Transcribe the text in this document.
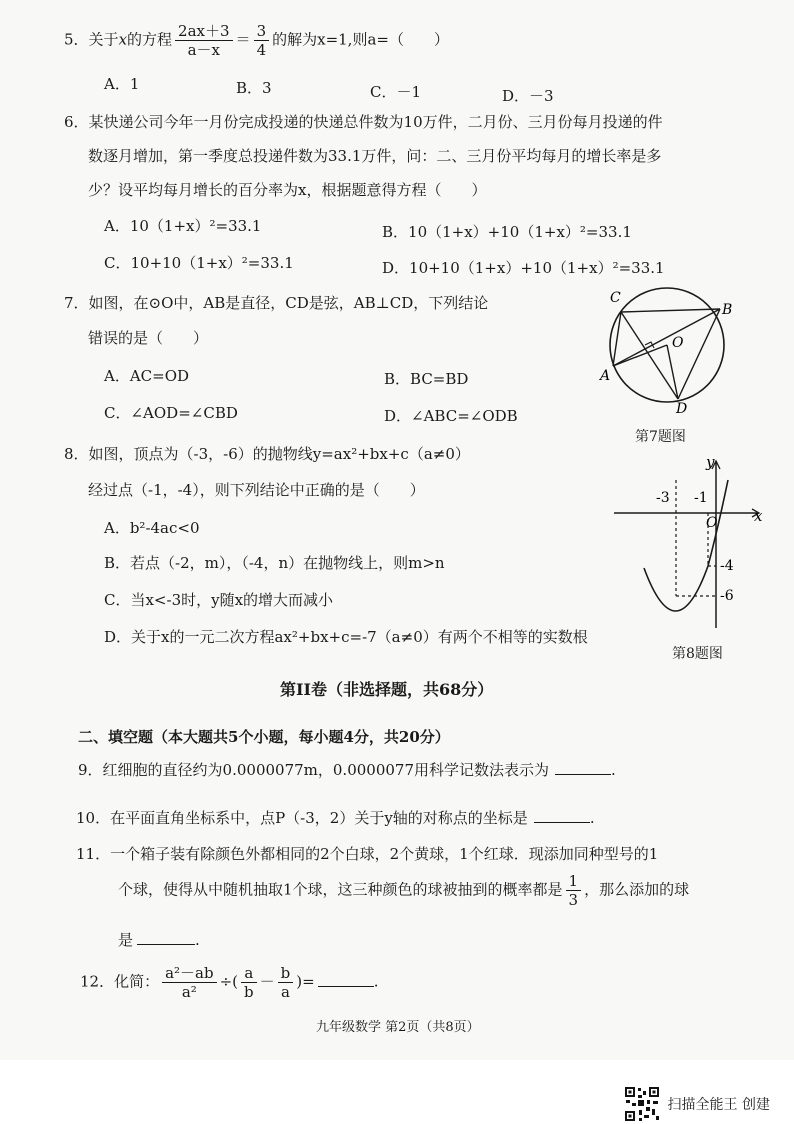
5．关于x的方程 $\frac{2ax+3}{a-x} = \frac{3}{4}$ 的解为x=1,则a=（　　）
A．1	B．3	C．－1	D．－3
6．某快递公司今年一月份完成投递的快递总件数为10万件，二月份、三月份每月投递的件
数逐月增加，第一季度总投递件数为33.1万件，问：二、三月份平均每月的增长率是多
少？设平均每月增长的百分率为x，根据题意得方程（　　）
A．10（1+x）²=33.1	B．10（1+x）+10（1+x）²=33.1
C．10+10（1+x）²=33.1	D．10+10（1+x）+10（1+x）²=33.1
7．如图，在⊙O中，AB是直径，CD是弦，AB⊥CD，下列结论
错误的是（　　）
A．AC=OD	B．BC=BD
C．∠AOD=∠CBD	D．∠ABC=∠ODB
C
B
O
A
D
第7题图
8．如图，顶点为（-3，-6）的抛物线y=ax²+bx+c（a≠0）
经过点（-1，-4），则下列结论中正确的是（　　）
A．b²-4ac<0
B．若点（-2，m），（-4，n）在抛物线上，则m>n
C．当x<-3时，y随x的增大而减小
D．关于x的一元二次方程ax²+bx+c=-7（a≠0）有两个不相等的实数根
y
x
O
-3 -1
-4
-6
第8题图
第II卷（非选择题，共68分）
二、填空题（本大题共5个小题，每小题4分，共20分）
9．红细胞的直径约为0.0000077m，0.0000077用科学记数法表示为	.
10．在平面直角坐标系中，点P（-3，2）关于y轴的对称点的坐标是	.
11．一个箱子装有除颜色外都相同的2个白球，2个黄球，1个红球．现添加同种型号的1
个球，使得从中随机抽取1个球，这三种颜色的球被抽到的概率都是 $\frac{1}{3}$ ，那么添加的球
是	.
12．化简： $\frac{\text{a²－ab}}{\text{a²}}$ ÷( $\frac{a}{b} - \frac{b}{a}$ )=	.
九年级数学 第2页（共8页）
扫描全能王 创建
